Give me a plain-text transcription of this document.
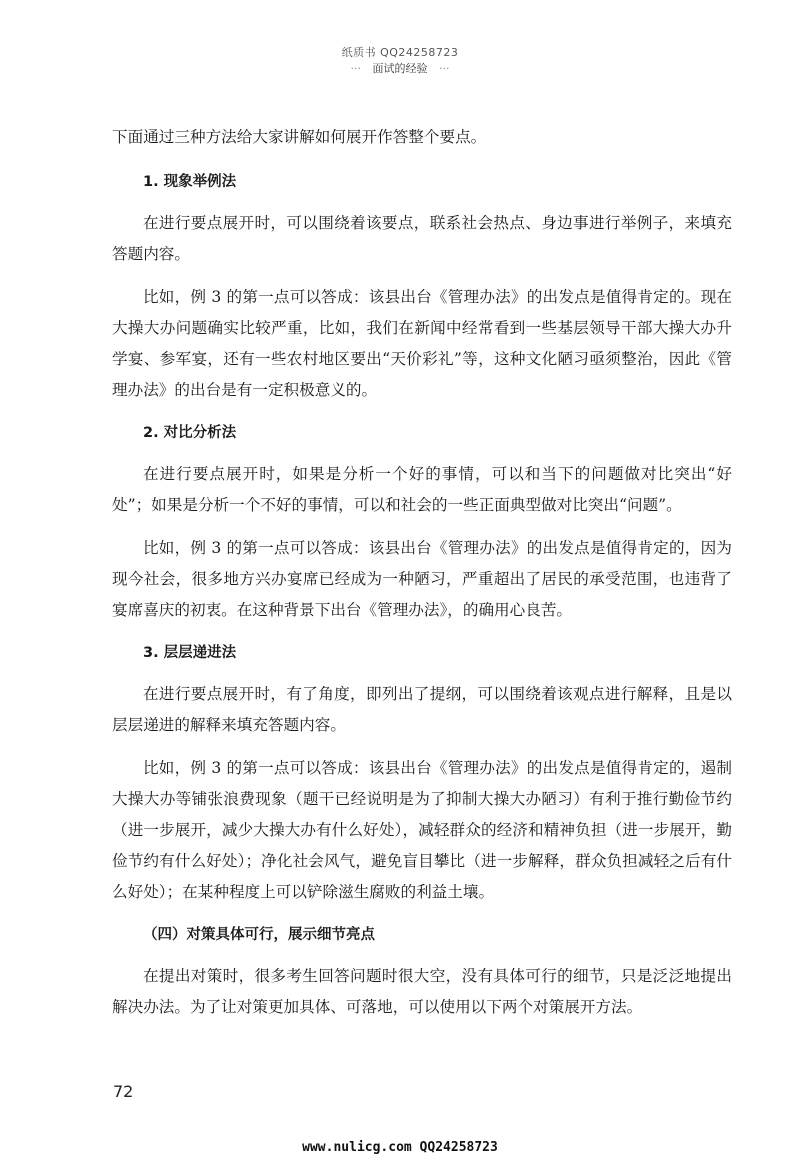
纸质书 QQ24258723
··· 面试的经验 ···

下面通过三种方法给大家讲解如何展开作答整个要点。

1. 现象举例法

在进行要点展开时，可以围绕着该要点，联系社会热点、身边事进行举例子，来填充答题内容。

比如，例 3 的第一点可以答成：该县出台《管理办法》的出发点是值得肯定的。现在大操大办问题确实比较严重，比如，我们在新闻中经常看到一些基层领导干部大操大办升学宴、参军宴，还有一些农村地区要出“天价彩礼”等，这种文化陋习亟须整治，因此《管理办法》的出台是有一定积极意义的。

2. 对比分析法

在进行要点展开时，如果是分析一个好的事情，可以和当下的问题做对比突出“好处”；如果是分析一个不好的事情，可以和社会的一些正面典型做对比突出“问题”。

比如，例 3 的第一点可以答成：该县出台《管理办法》的出发点是值得肯定的，因为现今社会，很多地方兴办宴席已经成为一种陋习，严重超出了居民的承受范围，也违背了宴席喜庆的初衷。在这种背景下出台《管理办法》，的确用心良苦。

3. 层层递进法

在进行要点展开时，有了角度，即列出了提纲，可以围绕着该观点进行解释，且是以层层递进的解释来填充答题内容。

比如，例 3 的第一点可以答成：该县出台《管理办法》的出发点是值得肯定的，遏制大操大办等铺张浪费现象（题干已经说明是为了抑制大操大办陋习）有利于推行勤俭节约（进一步展开，减少大操大办有什么好处），减轻群众的经济和精神负担（进一步展开，勤俭节约有什么好处）；净化社会风气，避免盲目攀比（进一步解释，群众负担减轻之后有什么好处）；在某种程度上可以铲除滋生腐败的利益土壤。

（四）对策具体可行，展示细节亮点

在提出对策时，很多考生回答问题时很大空，没有具体可行的细节，只是泛泛地提出解决办法。为了让对策更加具体、可落地，可以使用以下两个对策展开方法。

72
www.nulicg.com QQ24258723
